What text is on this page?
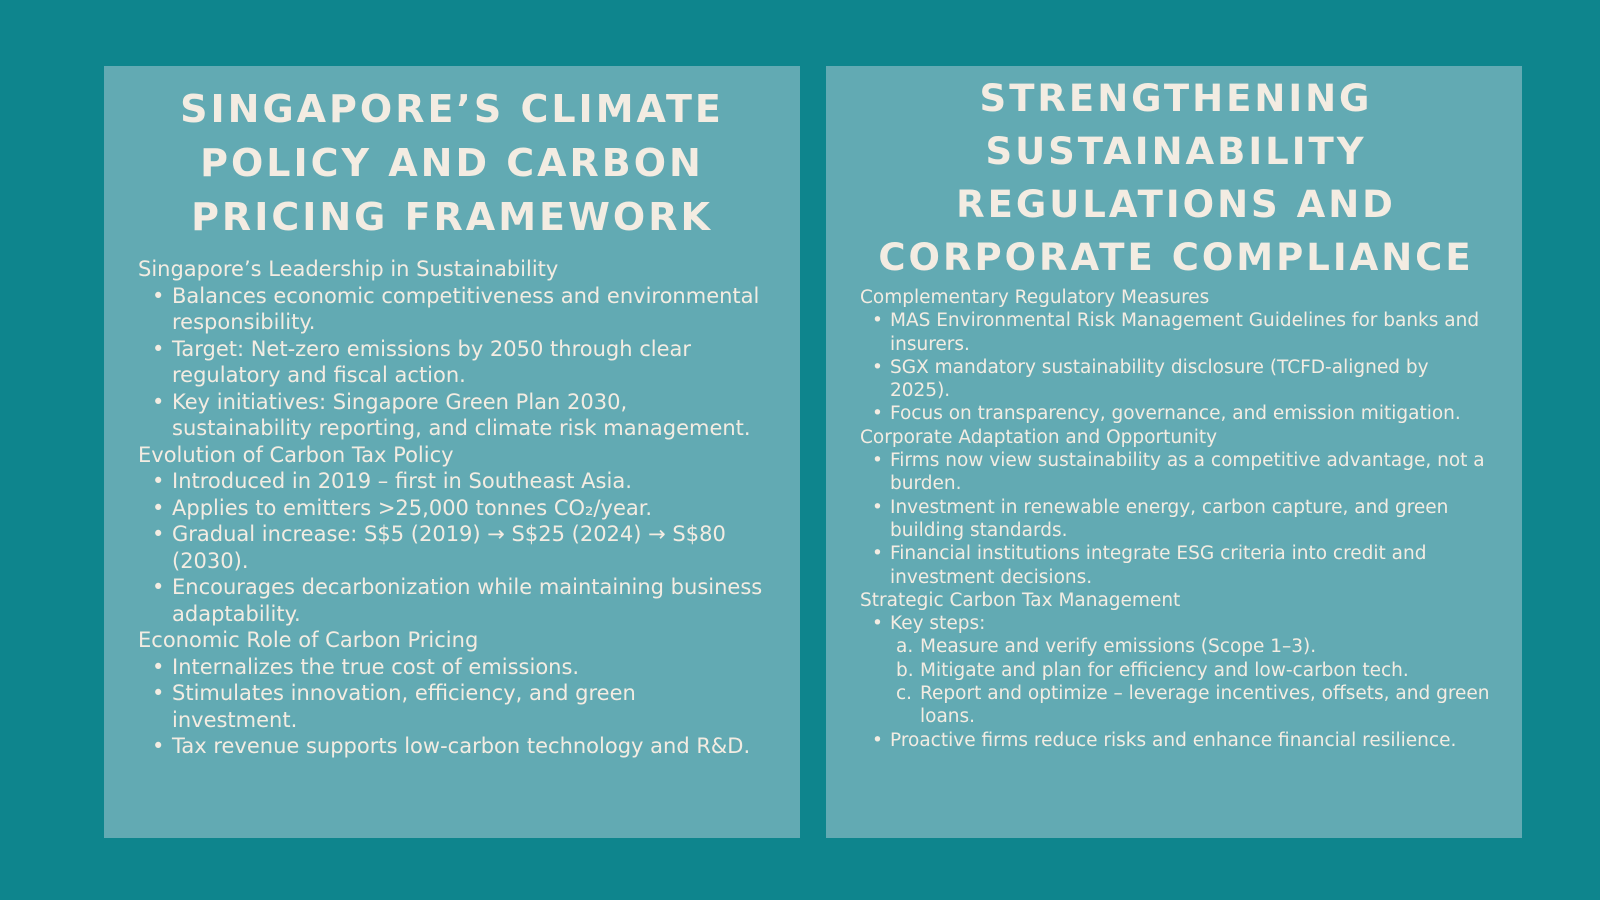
SINGAPORE’S CLIMATE POLICY AND CARBON PRICING FRAMEWORK

Singapore’s Leadership in Sustainability

• Balances economic competitiveness and environmental responsibility.
• Target: Net-zero emissions by 2050 through clear regulatory and fiscal action.
• Key initiatives: Singapore Green Plan 2030, sustainability reporting, and climate risk management.

Evolution of Carbon Tax Policy

• Introduced in 2019 – first in Southeast Asia.
• Applies to emitters >25,000 tonnes CO₂/year.
• Gradual increase: S$5 (2019) → S$25 (2024) → S$80 (2030).
• Encourages decarbonization while maintaining business adaptability.

Economic Role of Carbon Pricing

• Internalizes the true cost of emissions.
• Stimulates innovation, efficiency, and green investment.
• Tax revenue supports low-carbon technology and R&D.
STRENGTHENING SUSTAINABILITY REGULATIONS AND CORPORATE COMPLIANCE

Complementary Regulatory Measures

• MAS Environmental Risk Management Guidelines for banks and insurers.
• SGX mandatory sustainability disclosure (TCFD-aligned by 2025).
• Focus on transparency, governance, and emission mitigation.

Corporate Adaptation and Opportunity

• Firms now view sustainability as a competitive advantage, not a burden.
• Investment in renewable energy, carbon capture, and green building standards.
• Financial institutions integrate ESG criteria into credit and investment decisions.

Strategic Carbon Tax Management

• Key steps:
a. Measure and verify emissions (Scope 1–3).
b. Mitigate and plan for efficiency and low-carbon tech.
c. Report and optimize – leverage incentives, offsets, and green loans.
• Proactive firms reduce risks and enhance financial resilience.
